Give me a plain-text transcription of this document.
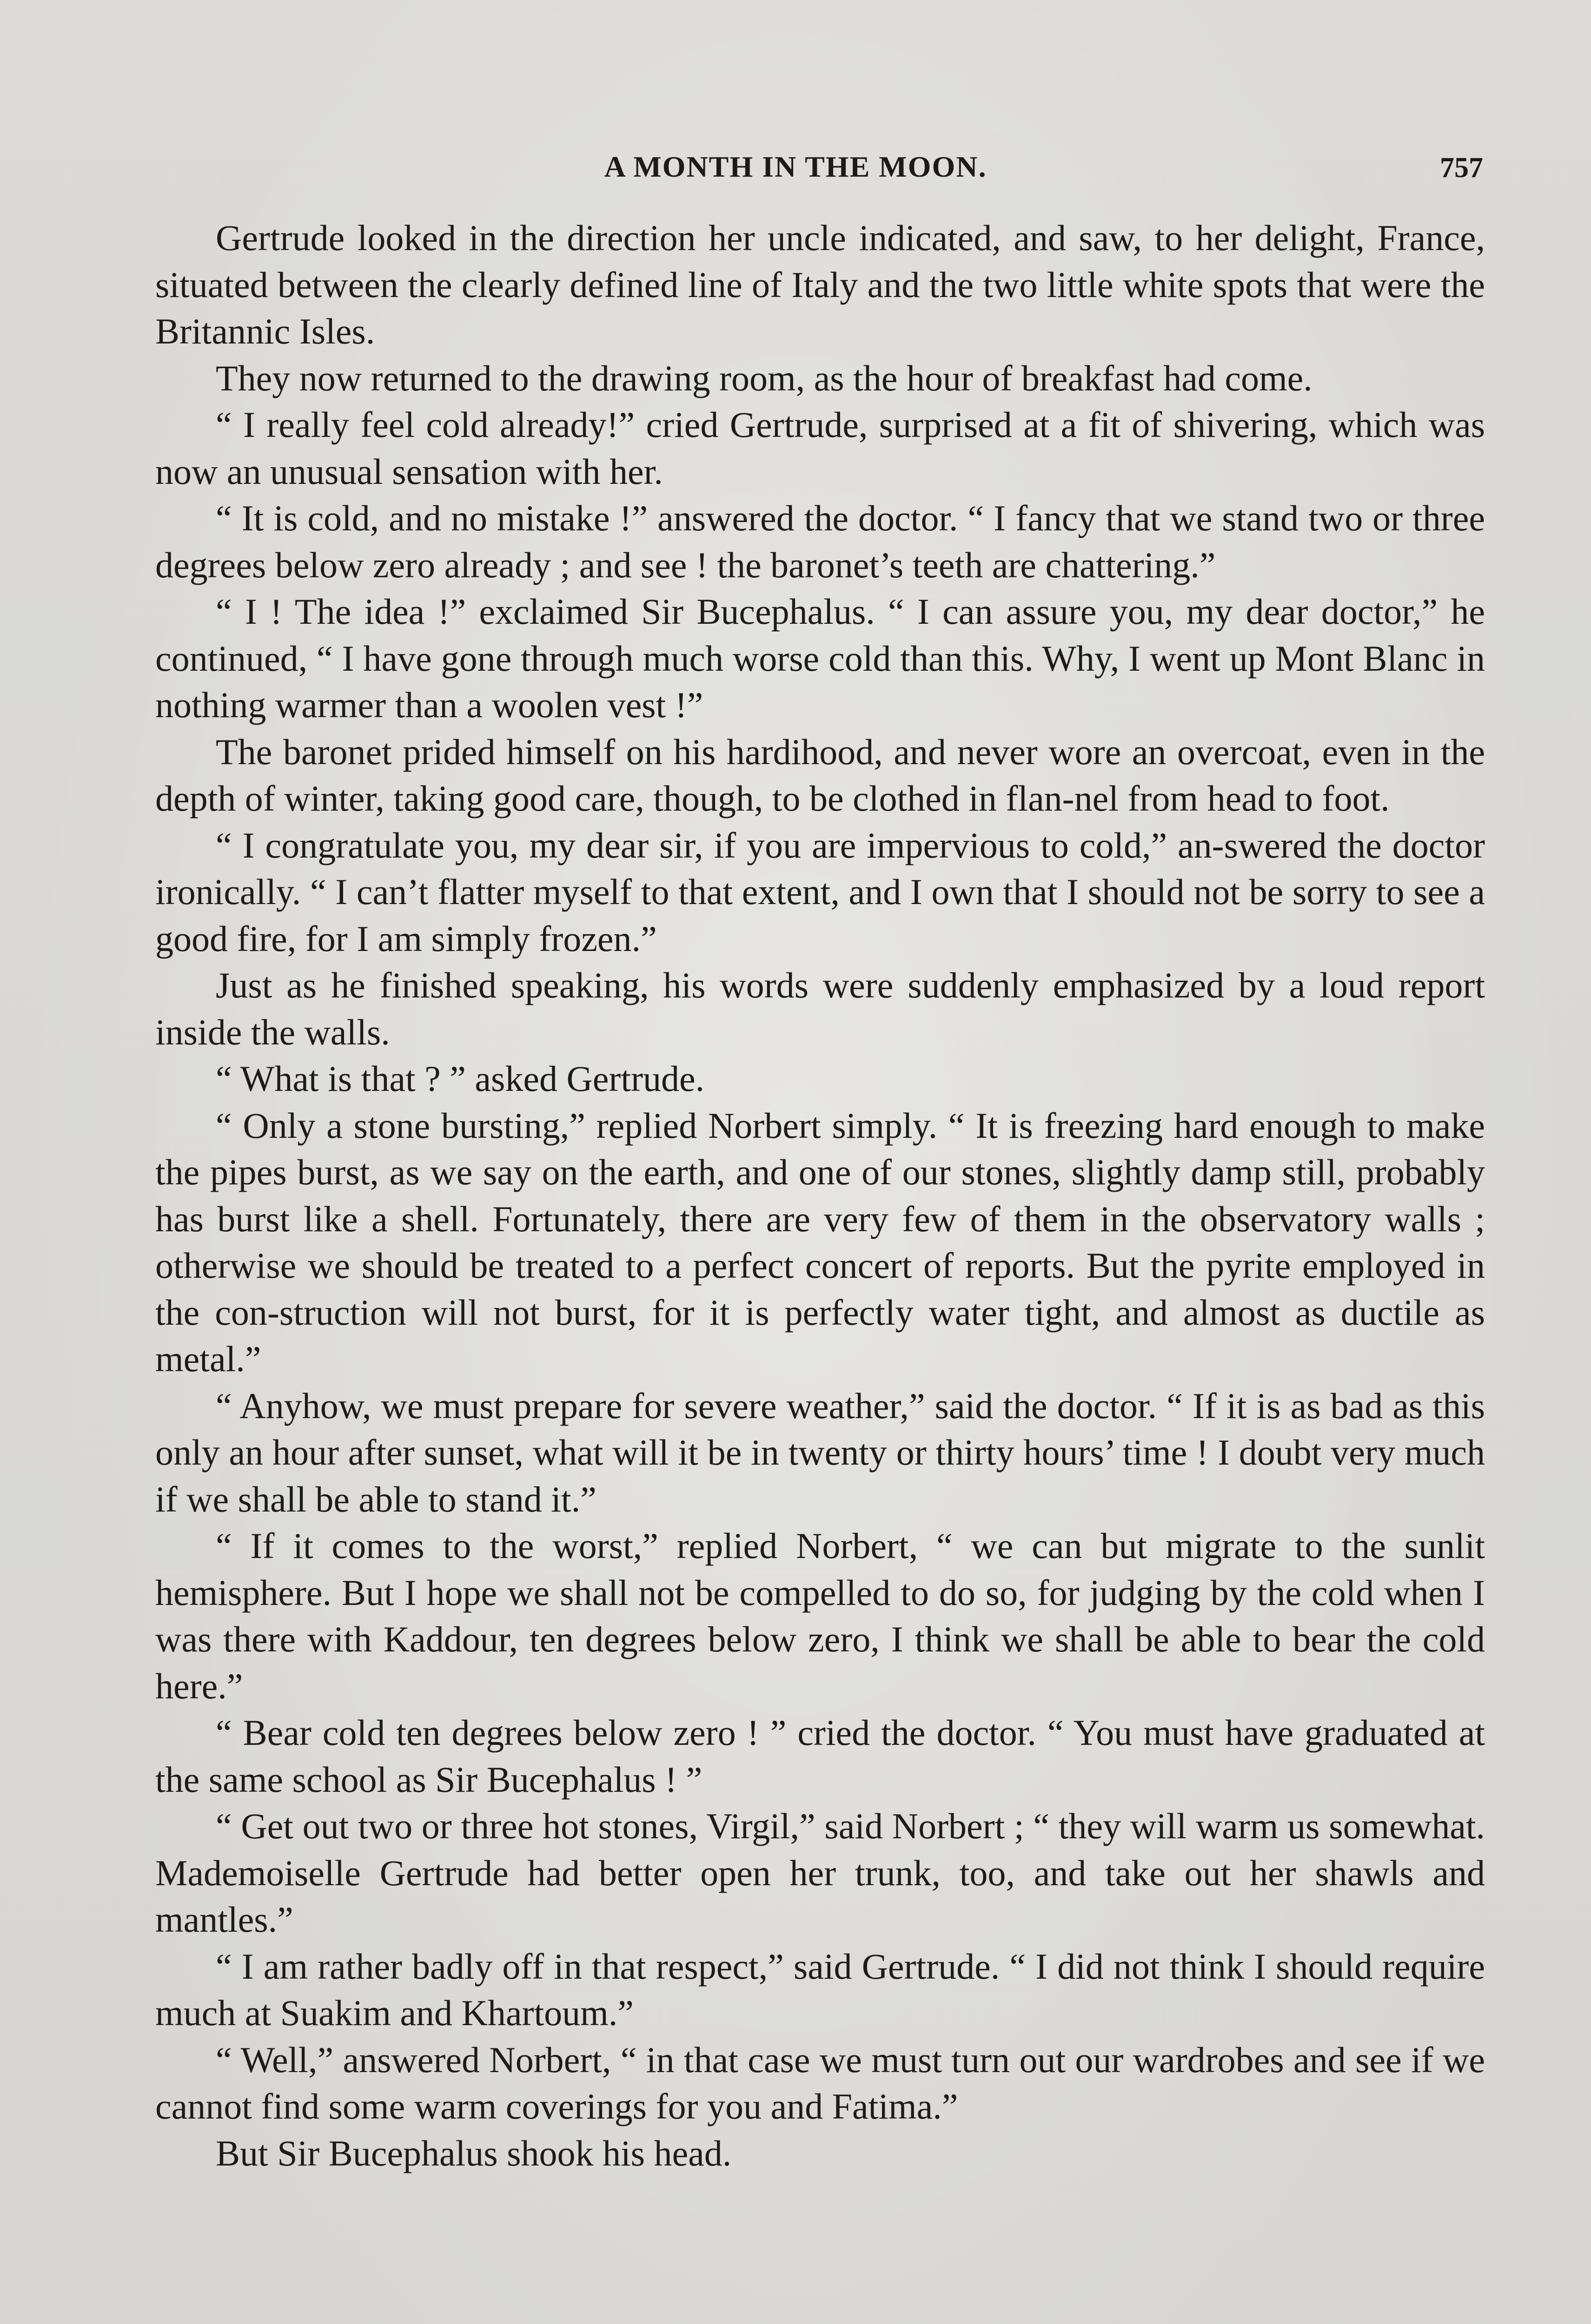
A MONTH IN THE MOON.	757

Gertrude looked in the direction her uncle indicated, and saw, to her delight, France, situated between the clearly defined line of Italy and the two little white spots that were the Britannic Isles.

They now returned to the drawing room, as the hour of breakfast had come.

“ I really feel cold already!” cried Gertrude, surprised at a fit of shivering, which was now an unusual sensation with her.

“ It is cold, and no mistake !” answered the doctor. “ I fancy that we stand two or three degrees below zero already ; and see ! the baronet’s teeth are chattering.”

“ I ! The idea !” exclaimed Sir Bucephalus. “ I can assure you, my dear doctor,” he continued, “ I have gone through much worse cold than this. Why, I went up Mont Blanc in nothing warmer than a woolen vest !”

The baronet prided himself on his hardihood, and never wore an overcoat, even in the depth of winter, taking good care, though, to be clothed in flan-nel from head to foot.

“ I congratulate you, my dear sir, if you are impervious to cold,” an-swered the doctor ironically. “ I can’t flatter myself to that extent, and I own that I should not be sorry to see a good fire, for I am simply frozen.”

Just as he finished speaking, his words were suddenly emphasized by a loud report inside the walls.

“ What is that ? ” asked Gertrude.

“ Only a stone bursting,” replied Norbert simply. “ It is freezing hard enough to make the pipes burst, as we say on the earth, and one of our stones, slightly damp still, probably has burst like a shell. Fortunately, there are very few of them in the observatory walls ; otherwise we should be treated to a perfect concert of reports. But the pyrite employed in the con-struction will not burst, for it is perfectly water tight, and almost as ductile as metal.”

“ Anyhow, we must prepare for severe weather,” said the doctor. “ If it is as bad as this only an hour after sunset, what will it be in twenty or thirty hours’ time ! I doubt very much if we shall be able to stand it.”

“ If it comes to the worst,” replied Norbert, “ we can but migrate to the sunlit hemisphere. But I hope we shall not be compelled to do so, for judging by the cold when I was there with Kaddour, ten degrees below zero, I think we shall be able to bear the cold here.”

“ Bear cold ten degrees below zero ! ” cried the doctor. “ You must have graduated at the same school as Sir Bucephalus ! ”

“ Get out two or three hot stones, Virgil,” said Norbert ; “ they will warm us somewhat. Mademoiselle Gertrude had better open her trunk, too, and take out her shawls and mantles.”

“ I am rather badly off in that respect,” said Gertrude. “ I did not think I should require much at Suakim and Khartoum.”

“ Well,” answered Norbert, “ in that case we must turn out our wardrobes and see if we cannot find some warm coverings for you and Fatima.”

But Sir Bucephalus shook his head.
